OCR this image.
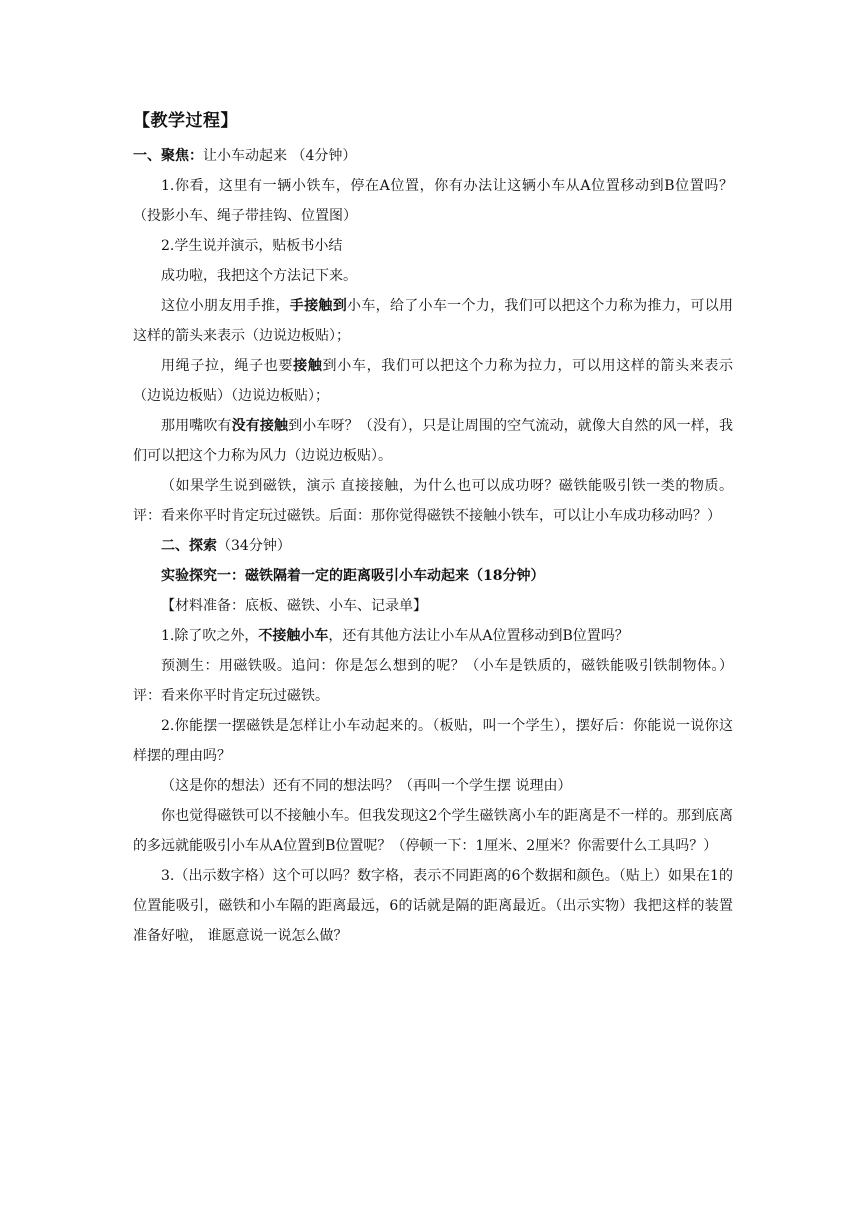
【教学过程】

一、聚焦：让小车动起来 （4分钟）

1.你看，这里有一辆小铁车，停在A位置，你有办法让这辆小车从A位置移动到B位置吗？（投影小车、绳子带挂钩、位置图）

2.学生说并演示，贴板书小结

成功啦，我把这个方法记下来。

这位小朋友用手推，手接触到小车，给了小车一个力，我们可以把这个力称为推力，可以用这样的箭头来表示（边说边板贴）；

用绳子拉，绳子也要接触到小车，我们可以把这个力称为拉力，可以用这样的箭头来表示（边说边板贴）（边说边板贴）；

那用嘴吹有没有接触到小车呀？（没有），只是让周围的空气流动，就像大自然的风一样，我们可以把这个力称为风力（边说边板贴）。

（如果学生说到磁铁，演示 直接接触，为什么也可以成功呀？磁铁能吸引铁一类的物质。评：看来你平时肯定玩过磁铁。后面：那你觉得磁铁不接触小铁车，可以让小车成功移动吗？）

二、探索（34分钟）

实验探究一：磁铁隔着一定的距离吸引小车动起来（18分钟）

【材料准备：底板、磁铁、小车、记录单】

1.除了吹之外，不接触小车，还有其他方法让小车从A位置移动到B位置吗？

预测生：用磁铁吸。追问：你是怎么想到的呢？（小车是铁质的，磁铁能吸引铁制物体。）评：看来你平时肯定玩过磁铁。

2.你能摆一摆磁铁是怎样让小车动起来的。（板贴，叫一个学生），摆好后：你能说一说你这样摆的理由吗？

（这是你的想法）还有不同的想法吗？（再叫一个学生摆 说理由）

你也觉得磁铁可以不接触小车。但我发现这2个学生磁铁离小车的距离是不一样的。那到底离的多远就能吸引小车从A位置到B位置呢？（停顿一下：1厘米、2厘米？你需要什么工具吗？）

3.（出示数字格）这个可以吗？数字格，表示不同距离的6个数据和颜色。（贴上）如果在1的位置能吸引，磁铁和小车隔的距离最远，6的话就是隔的距离最近。（出示实物）我把这样的装置准备好啦， 谁愿意说一说怎么做？
